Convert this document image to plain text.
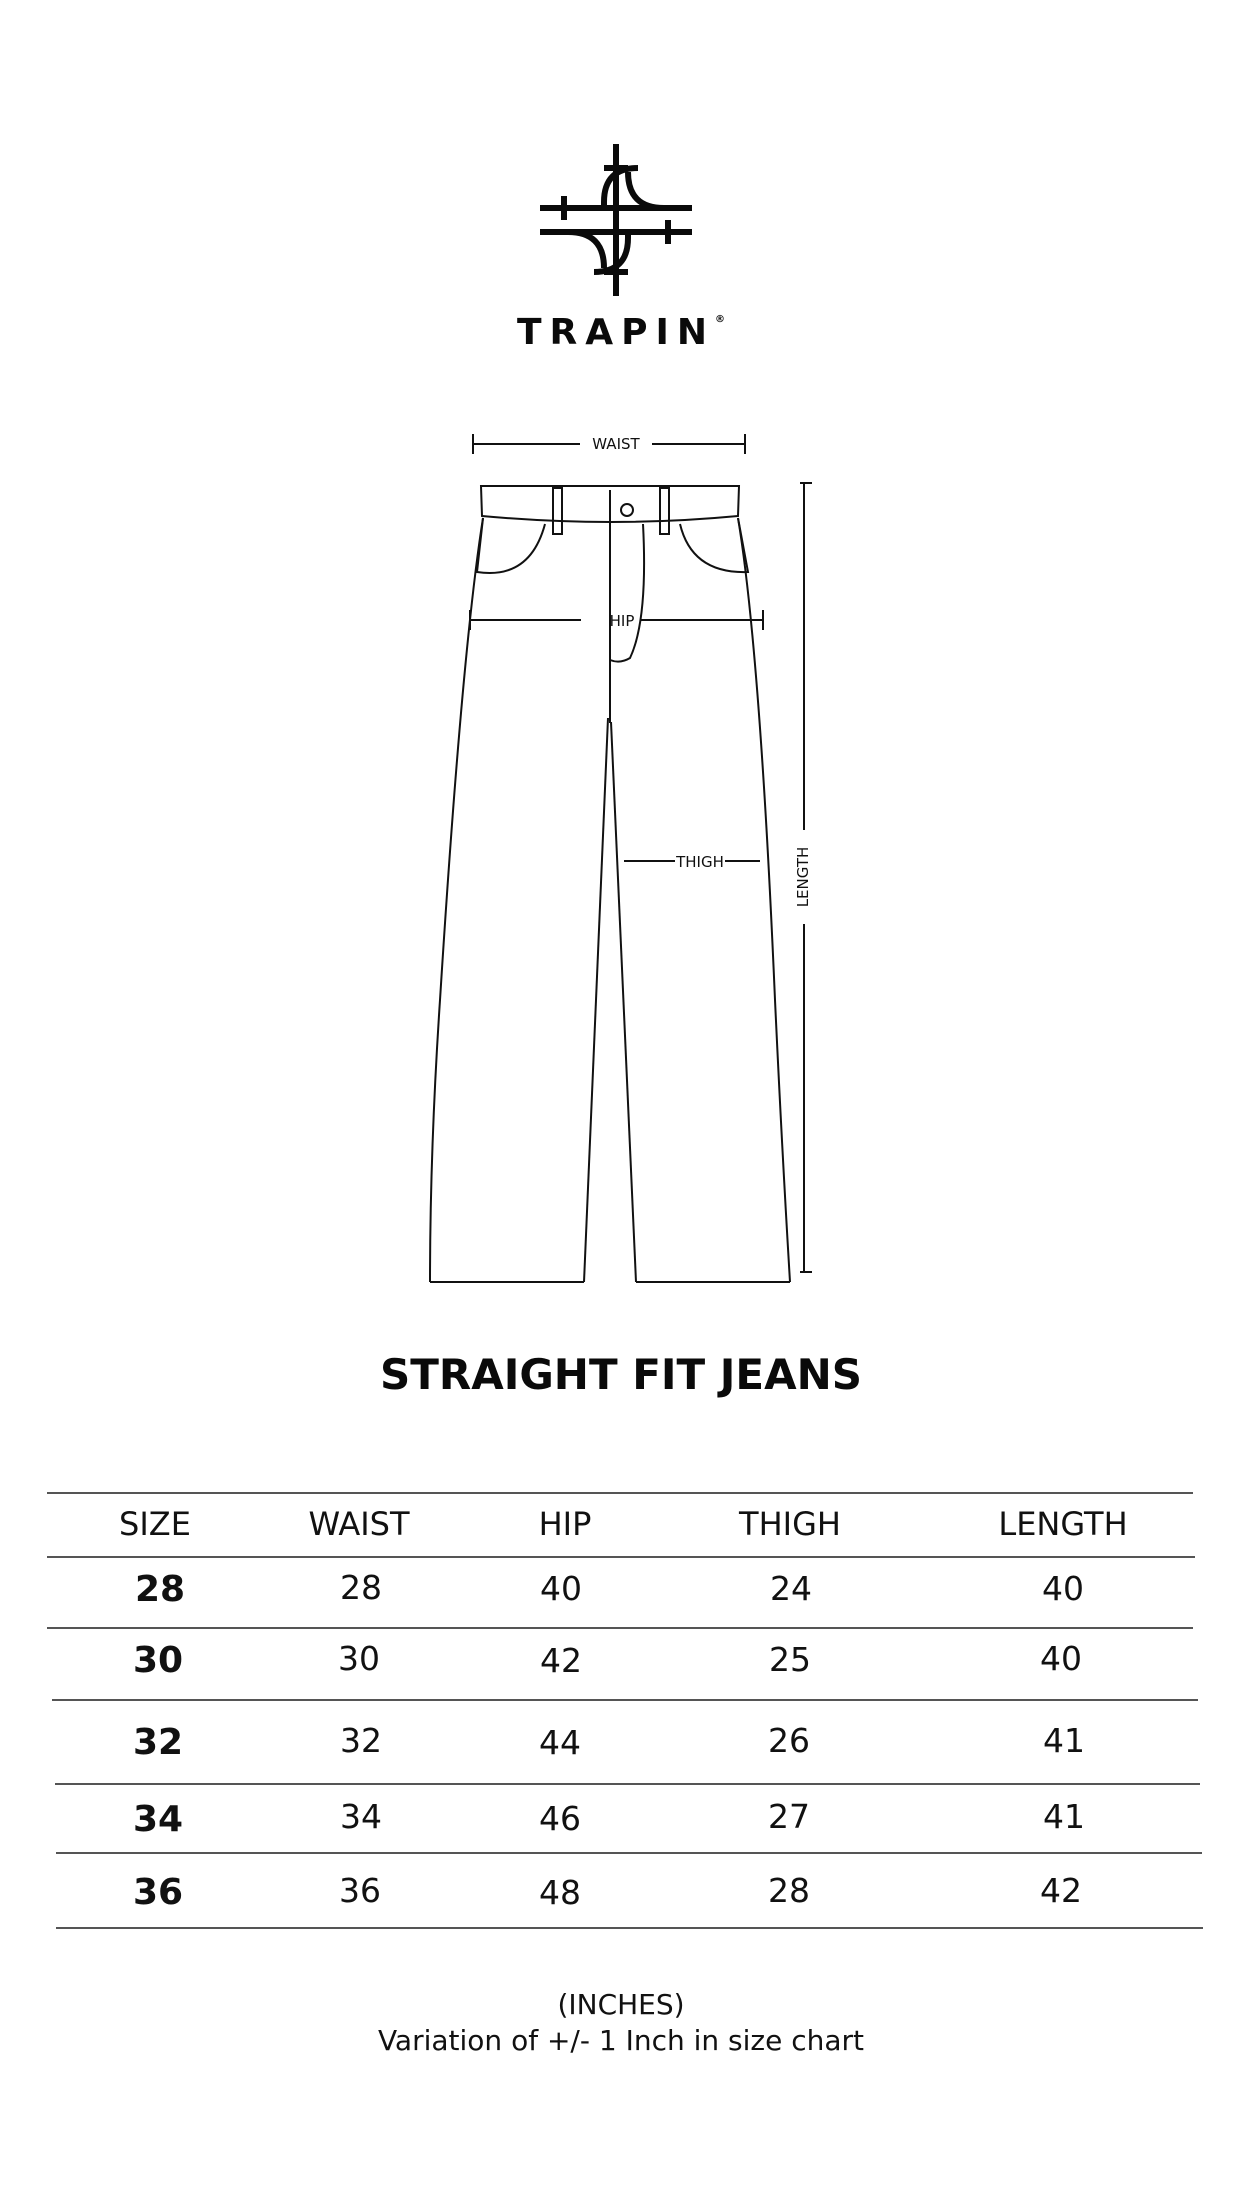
TRAPIN®
WAIST
HIP
THIGH	LENGTH
STRAIGHT FIT JEANS
SIZE	WAIST	HIP	THIGH	LENGTH
28	28	40	24	40
30	30	42	25	40
32	32	44	26	41
34	34	46	27	41
36	36	48	28	42
(INCHES)
Variation of +/- 1 Inch in size chart
